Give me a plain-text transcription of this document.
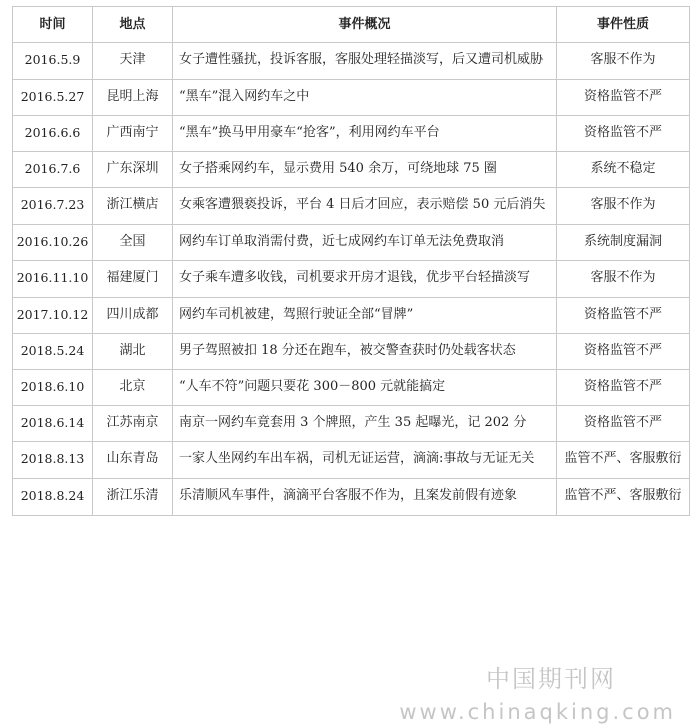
时间	地点	事件概况	事件性质
2016.5.9	天津	女子遭性骚扰，投诉客服，客服处理轻描淡写，后又遭司机威胁	客服不作为
2016.5.27	昆明上海	“黑车”混入网约车之中	资格监管不严
2016.6.6	广西南宁	“黑车”换马甲用豪车“抢客”，利用网约车平台	资格监管不严
2016.7.6	广东深圳	女子搭乘网约车，显示费用 540 余万，可绕地球 75 圈	系统不稳定
2016.7.23	浙江横店	女乘客遭猥亵投诉，平台 4 日后才回应，表示赔偿 50 元后消失	客服不作为
2016.10.26	全国	网约车订单取消需付费，近七成网约车订单无法免费取消	系统制度漏洞
2016.11.10	福建厦门	女子乘车遭多收钱，司机要求开房才退钱，优步平台轻描淡写	客服不作为
2017.10.12	四川成都	网约车司机被建，驾照行驶证全部“冒牌”	资格监管不严
2018.5.24	湖北	男子驾照被扣 18 分还在跑车，被交警查获时仍处载客状态	资格监管不严
2018.6.10	北京	“人车不符”问题只要花 300－800 元就能搞定	资格监管不严
2018.6.14	江苏南京	南京一网约车竟套用 3 个牌照，产生 35 起曝光，记 202 分	资格监管不严
2018.8.13	山东青岛	一家人坐网约车出车祸，司机无证运营，滴滴:事故与无证无关	监管不严、客服敷衍
2018.8.24	浙江乐清	乐清顺风车事件，滴滴平台客服不作为，且案发前假有迹象	监管不严、客服敷衍
中国期刊网
www.chinaqking.com
